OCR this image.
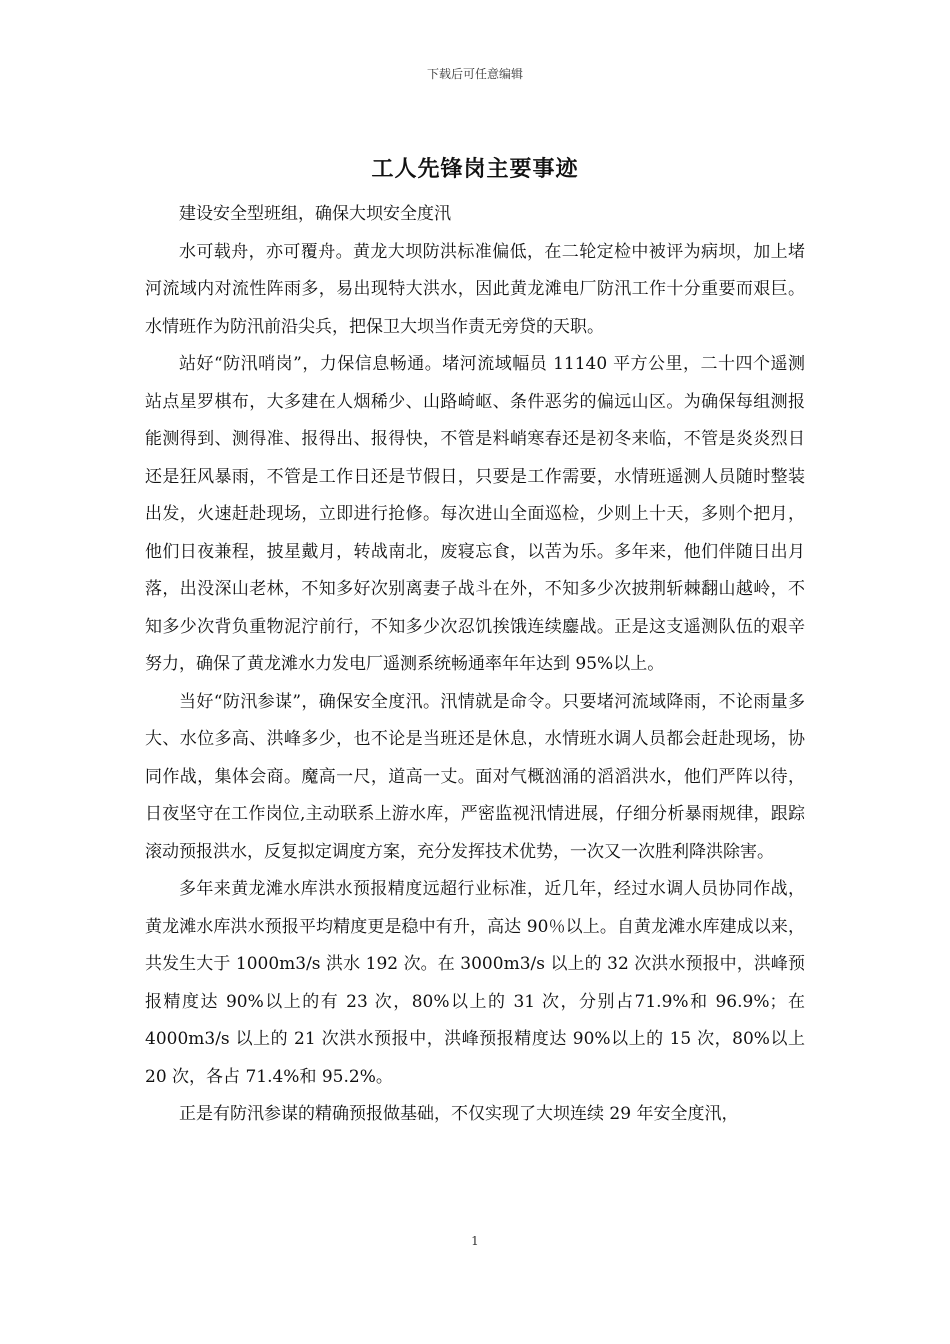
下载后可任意编辑
工人先锋岗主要事迹

建设安全型班组，确保大坝安全度汛

水可载舟，亦可覆舟。黄龙大坝防洪标准偏低，在二轮定检中被评为病坝，加上堵河流域内对流性阵雨多，易出现特大洪水，因此黄龙滩电厂防汛工作十分重要而艰巨。水情班作为防汛前沿尖兵，把保卫大坝当作责无旁贷的天职。

站好“防汛哨岗”，力保信息畅通。堵河流域幅员 11140 平方公里，二十四个遥测站点星罗棋布，大多建在人烟稀少、山路崎岖、条件恶劣的偏远山区。为确保每组测报能测得到、测得准、报得出、报得快，不管是料峭寒春还是初冬来临，不管是炎炎烈日还是狂风暴雨，不管是工作日还是节假日，只要是工作需要，水情班遥测人员随时整装出发，火速赶赴现场，立即进行抢修。每次进山全面巡检，少则上十天，多则个把月，他们日夜兼程，披星戴月，转战南北，废寝忘食，以苦为乐。多年来，他们伴随日出月落，出没深山老林，不知多好次别离妻子战斗在外，不知多少次披荆斩棘翻山越岭，不知多少次背负重物泥泞前行，不知多少次忍饥挨饿连续鏖战。正是这支遥测队伍的艰辛努力，确保了黄龙滩水力发电厂遥测系统畅通率年年达到 95%以上。

当好“防汛参谋”，确保安全度汛。汛情就是命令。只要堵河流域降雨，不论雨量多大、水位多高、洪峰多少，也不论是当班还是休息，水情班水调人员都会赶赴现场，协同作战，集体会商。魔高一尺，道高一丈。面对气概汹涌的滔滔洪水，他们严阵以待，日夜坚守在工作岗位,主动联系上游水库，严密监视汛情进展，仔细分析暴雨规律，跟踪滚动预报洪水，反复拟定调度方案，充分发挥技术优势，一次又一次胜利降洪除害。

多年来黄龙滩水库洪水预报精度远超行业标准，近几年，经过水调人员协同作战，黄龙滩水库洪水预报平均精度更是稳中有升，高达 90％以上。自黄龙滩水库建成以来，共发生大于 1000m3/s 洪水 192 次。在 3000m3/s 以上的 32 次洪水预报中，洪峰预报精度达 90%以上的有 23 次，80%以上的 31 次，分别占71.9%和 96.9%；在 4000m3/s 以上的 21 次洪水预报中，洪峰预报精度达 90%以上的 15 次，80%以上 20 次，各占 71.4%和 95.2%。

正是有防汛参谋的精确预报做基础，不仅实现了大坝连续 29 年安全度汛，

1
